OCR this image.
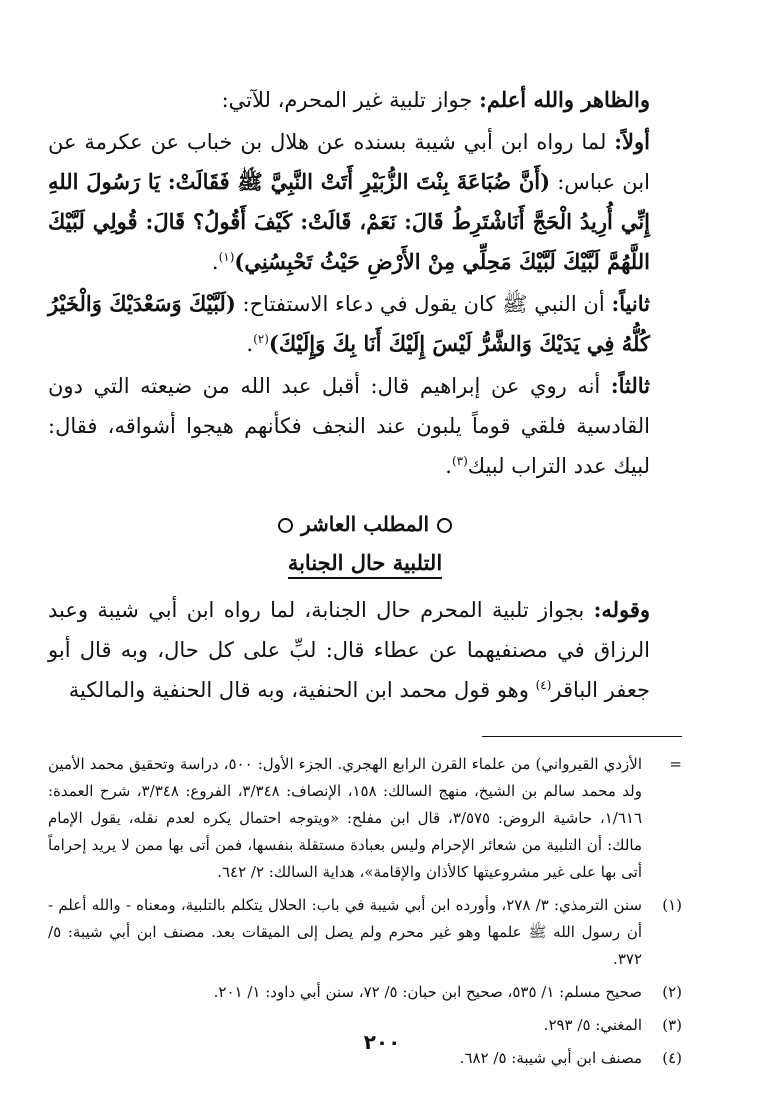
والظاهر والله أعلم: جواز تلبية غير المحرم، للآتي:

أولاً: لما رواه ابن أبي شيبة بسنده عن هلال بن خباب عن عكرمة عن ابن عباس: (أَنَّ ضُبَاعَةَ بِنْتَ الزُّبَيْرِ أَتَتْ النَّبِيَّ ﷺ فَقَالَتْ: يَا رَسُولَ اللهِ إِنِّي أُرِيدُ الْحَجَّ أَنَاشْتَرِطُ قَالَ: نَعَمْ، قَالَتْ: كَيْفَ أَقُولُ؟ قَالَ: قُولِي لَبَّيْكَ اللَّهُمَّ لَبَّيْكَ لَبَّيْكَ مَحِلِّي مِنْ الأَرْضِ حَيْثُ تَحْبِسُنِي)$^{(١)}$.

ثانياً: أن النبي ﷺ كان يقول في دعاء الاستفتاح: (لَبَّيْكَ وَسَعْدَيْكَ وَالْخَيْرُ كُلُّهُ فِي يَدَيْكَ وَالشَّرُّ لَيْسَ إِلَيْكَ أَنَا بِكَ وَإِلَيْكَ)$^{(٢)}$.

ثالثاً: أنه روي عن إبراهيم قال: أقبل عبد الله من ضيعته التي دون القادسية فلقي قوماً يلبون عند النجف فكأنهم هيجوا أشواقه، فقال: لبيك عدد التراب لبيك$^{(٣)}$.

المطلب العاشر
التلبية حال الجنابة

وقوله: بجواز تلبية المحرم حال الجنابة، لما رواه ابن أبي شيبة وعبد الرزاق في مصنفيهما عن عطاء قال: لبِّ على كل حال، وبه قال أبو جعفر الباقر$^{(٤)}$ وهو قول محمد ابن الحنفية، وبه قال الحنفية والمالكية

=
الأزدي القيرواني) من علماء القرن الرابع الهجري. الجزء الأول: ٥٠٠، دراسة وتحقيق محمد الأمين ولد محمد سالم بن الشيخ، منهج السالك: ١٥٨، الإنصاف: ٣/٣٤٨، الفروع: ٣/٣٤٨، شرح العمدة: ١/٦١٦، حاشية الروض: ٣/٥٧٥، قال ابن مفلح: «ويتوجه احتمال يكره لعدم نقله، يقول الإمام مالك: أن التلبية من شعائر الإحرام وليس بعبادة مستقلة بنفسها، فمن أتى بها ممن لا يريد إحراماً أتى بها على غير مشروعيتها كالأذان والإقامة»، هداية السالك: ٢/ ٦٤٢.
(١)
سنن الترمذي: ٣/ ٢٧٨، وأورده ابن أبي شيبة في باب: الحلال يتكلم بالتلبية، ومعناه - والله أعلم - أن رسول الله ﷺ علمها وهو غير محرم ولم يصل إلى الميقات بعد. مصنف ابن أبي شيبة: ٥/ ٣٧٢.
(٢)
صحيح مسلم: ١/ ٥٣٥، صحيح ابن حبان: ٥/ ٧٢، سنن أبي داود: ١/ ٢٠١.
(٣)
المغني: ٥/ ٢٩٣.
(٤)
مصنف ابن أبي شيبة: ٥/ ٦٨٢.
٢٠٠
